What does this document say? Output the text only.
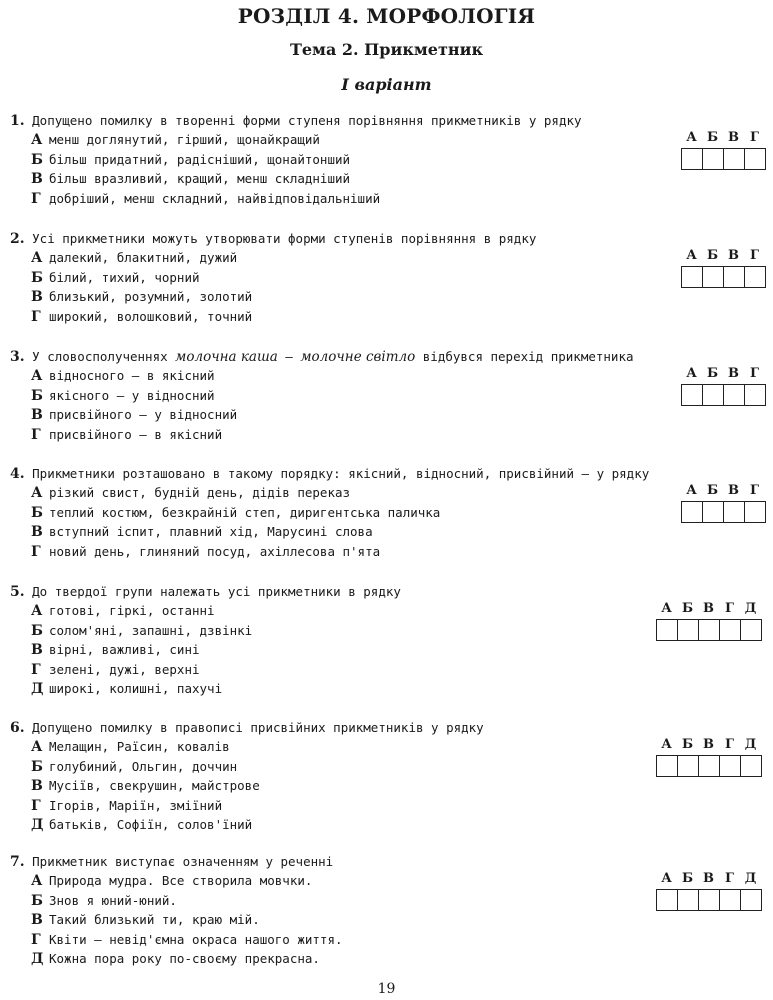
РОЗДІЛ 4. МОРФОЛОГІЯ
Тема 2. Прикметник
I варіант
1. Допущено помилку в творенні форми ступеня порівняння прикметників у рядку
А менш доглянутий, гірший, щонайкращий
Б більш придатний, радісніший, щонайтонший
В більш вразливий, кращий, менш складніший
Г добріший, менш складний, найвідповідальніший
А Б В Г
2. Усі прикметники можуть утворювати форми ступенів порівняння в рядку
А далекий, блакитний, дужий
Б білий, тихий, чорний
В близький, розумний, золотий
Г широкий, волошковий, точний
А Б В Г
3. У словосполученнях молочна каша — молочне світло відбувся перехід прикметника
А відносного — в якісний
Б якісного — у відносний
В присвійного — у відносний
Г присвійного — в якісний
А Б В Г
4. Прикметники розташовано в такому порядку: якісний, відносний, присвійний — у рядку
А різкий свист, будній день, дідів переказ
Б теплий костюм, безкрайній степ, диригентська паличка
В вступний іспит, плавний хід, Марусині слова
Г новий день, глиняний посуд, ахіллесова п'ята
А Б В Г
5. До твердої групи належать усі прикметники в рядку
А готові, гіркі, останні
Б солом'яні, запашні, дзвінкі
В вірні, важливі, сині
Г зелені, дужі, верхні
Д широкі, колишні, пахучі
А Б В Г Д
6. Допущено помилку в правописі присвійних прикметників у рядку
А Мелащин, Раїсин, ковалів
Б голубиний, Ольгин, доччин
В Мусіїв, свекрушин, майстрове
Г Ігорів, Маріїн, зміїний
Д батьків, Софіїн, солов'їний
А Б В Г Д
7. Прикметник виступає означенням у реченні
А Природа мудра. Все створила мовчки.
Б Знов я юний-юний.
В Такий близький ти, краю мій.
Г Квіти — невід'ємна окраса нашого життя.
Д Кожна пора року по-своєму прекрасна.
А Б В Г Д
19
